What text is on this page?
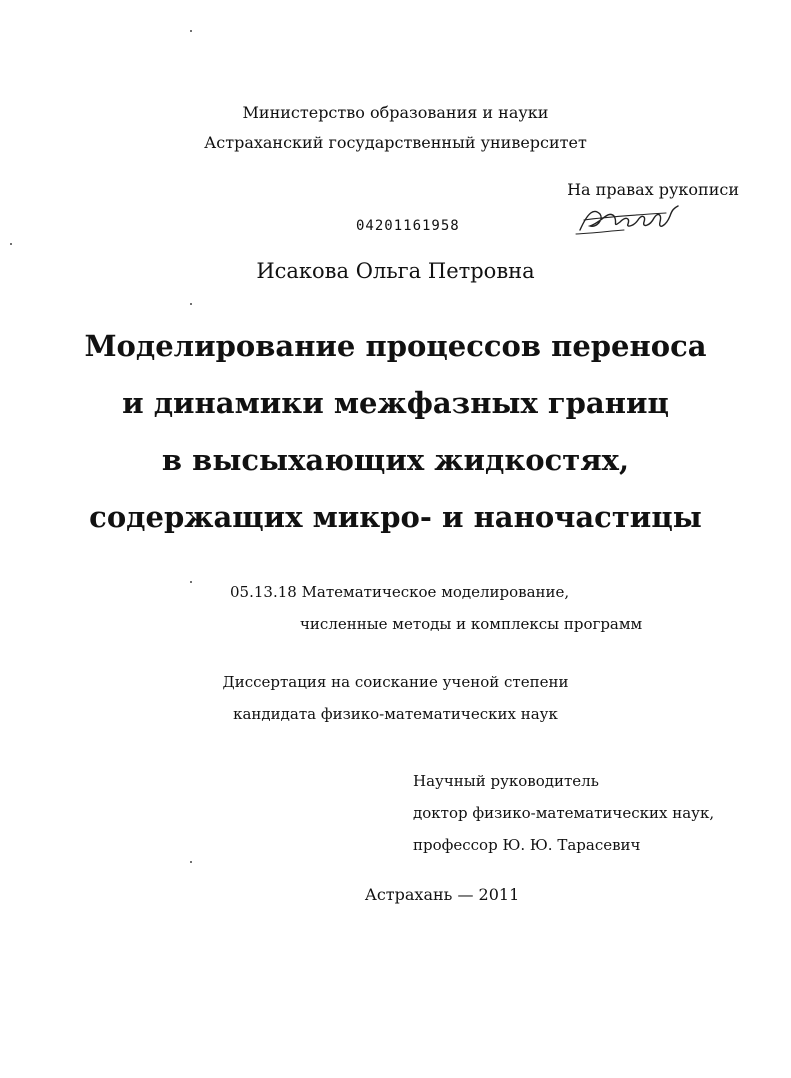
Министерство образования и науки
Астраханский государственный университет
На правах рукописи
04201161958
Исакова Ольга Петровна
Моделирование процессов переноса
и динамики межфазных границ
в высыхающих жидкостях,
содержащих микро- и наночастицы
05.13.18 Математическое моделирование,
численные методы и комплексы программ
Диссертация на соискание ученой степени
кандидата физико-математических наук
Научный руководитель
доктор физико-математических наук,
профессор Ю. Ю. Тарасевич
Астрахань — 2011
